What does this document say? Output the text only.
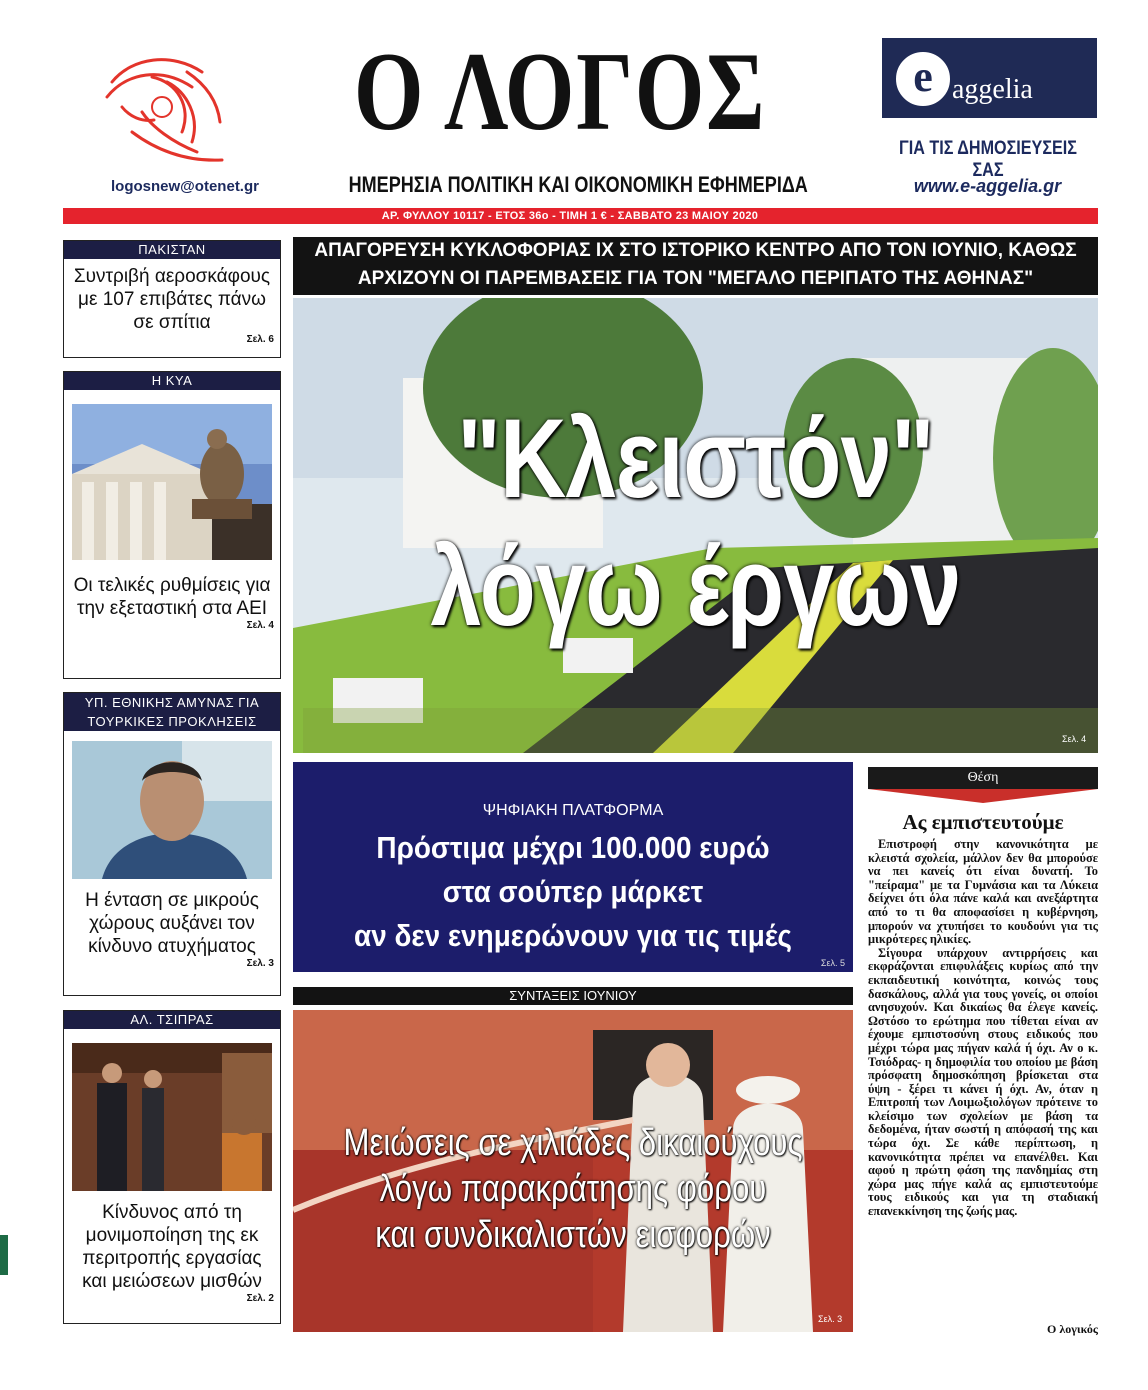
Ο ΛΟΓΟΣ
ΗΜΕΡΗΣΙΑ ΠΟΛΙΤΙΚΗ ΚΑΙ ΟΙΚΟΝΟΜΙΚΗ ΕΦΗΜΕΡΙΔΑ
logosnew@otenet.gr
e aggelia
ΓΙΑ ΤΙΣ ΔΗΜΟΣΙΕΥΣΕΙΣ ΣΑΣ
www.e-aggelia.gr
ΑΡ. ΦΥΛΛΟΥ 10117 - ΕΤΟΣ 36ο - ΤΙΜΗ 1 € - ΣΑΒΒΑΤΟ 23 ΜΑΙΟΥ 2020
ΠΑΚΙΣΤΑΝ
Συντριβή αεροσκάφους με 107 επιβάτες πάνω σε σπίτια
Σελ. 6
Η ΚΥΑ
Οι τελικές ρυθμίσεις για την εξεταστική στα ΑΕΙ
Σελ. 4
ΥΠ. ΕΘΝΙΚΗΣ ΑΜΥΝΑΣ ΓΙΑ ΤΟΥΡΚΙΚΕΣ ΠΡΟΚΛΗΣΕΙΣ
Η ένταση σε μικρούς χώρους αυξάνει τον κίνδυνο ατυχήματος
Σελ. 3
ΑΛ. ΤΣΙΠΡΑΣ
Κίνδυνος από τη μονιμοποίηση της εκ περιτροπής εργασίας και μειώσεων μισθών
Σελ. 2
ΑΠΑΓΟΡΕΥΣΗ ΚΥΚΛΟΦΟΡΙΑΣ ΙΧ ΣΤΟ ΙΣΤΟΡΙΚΟ ΚΕΝΤΡΟ ΑΠΟ ΤΟΝ ΙΟΥΝΙΟ, ΚΑΘΩΣ ΑΡΧΙΖΟΥΝ ΟΙ ΠΑΡΕΜΒΑΣΕΙΣ ΓΙΑ ΤΟΝ "ΜΕΓΑΛΟ ΠΕΡΙΠΑΤΟ ΤΗΣ ΑΘΗΝΑΣ"
"Κλειστόν"
λόγω έργων
Σελ. 4
ΨΗΦΙΑΚΗ ΠΛΑΤΦΟΡΜΑ
Πρόστιμα μέχρι 100.000 ευρώ
στα σούπερ μάρκετ
αν δεν ενημερώνουν για τις τιμές
Σελ. 5
ΣΥΝΤΑΞΕΙΣ ΙΟΥΝΙΟΥ
Μειώσεις σε χιλιάδες δικαιούχους
λόγω παρακράτησης φόρου
και συνδικαλιστών εισφορών
Σελ. 3
Θέση
Ας εμπιστευτούμε

Επιστροφή στην κανονικότητα με κλειστά σχολεία, μάλλον δεν θα μπορούσε να πει κανείς ότι είναι δυνατή. Το "πείραμα" με τα Γυμνάσια και τα Λύκεια δείχνει ότι όλα πάνε καλά και ανεξάρτητα από το τι θα αποφασίσει η κυβέρνηση, μπορούν να χτυπήσει το κουδούνι για τις μικρότερες ηλικίες.

Σίγουρα υπάρχουν αντιρρήσεις και εκφράζονται επιφυλάξεις κυρίως από την εκπαιδευτική κοινότητα, κοινώς τους δασκάλους, αλλά για τους γονείς, οι οποίοι ανησυχούν. Και δικαίως θα έλεγε κανείς. Ωστόσο το ερώτημα που τίθεται είναι αν έχουμε εμπιστοσύνη στους ειδικούς που μέχρι τώρα μας πήγαν καλά ή όχι. Αν ο κ. Τσιόδρας- η δημοφιλία του οποίου με βάση πρόσφατη δημοσκόπηση βρίσκεται στα ύψη - ξέρει τι κάνει ή όχι. Αν, όταν η Επιτροπή των Λοιμωξιολόγων πρότεινε το κλείσιμο των σχολείων με βάση τα δεδομένα, ήταν σωστή η απόφασή της και τώρα όχι. Σε κάθε περίπτωση, η κανονικότητα πρέπει να επανέλθει. Και αφού η πρώτη φάση της πανδημίας στη χώρα μας πήγε καλά ας εμπιστευτούμε τους ειδικούς και για τη σταδιακή επανεκκίνηση της ζωής μας.

Ο λογικός
